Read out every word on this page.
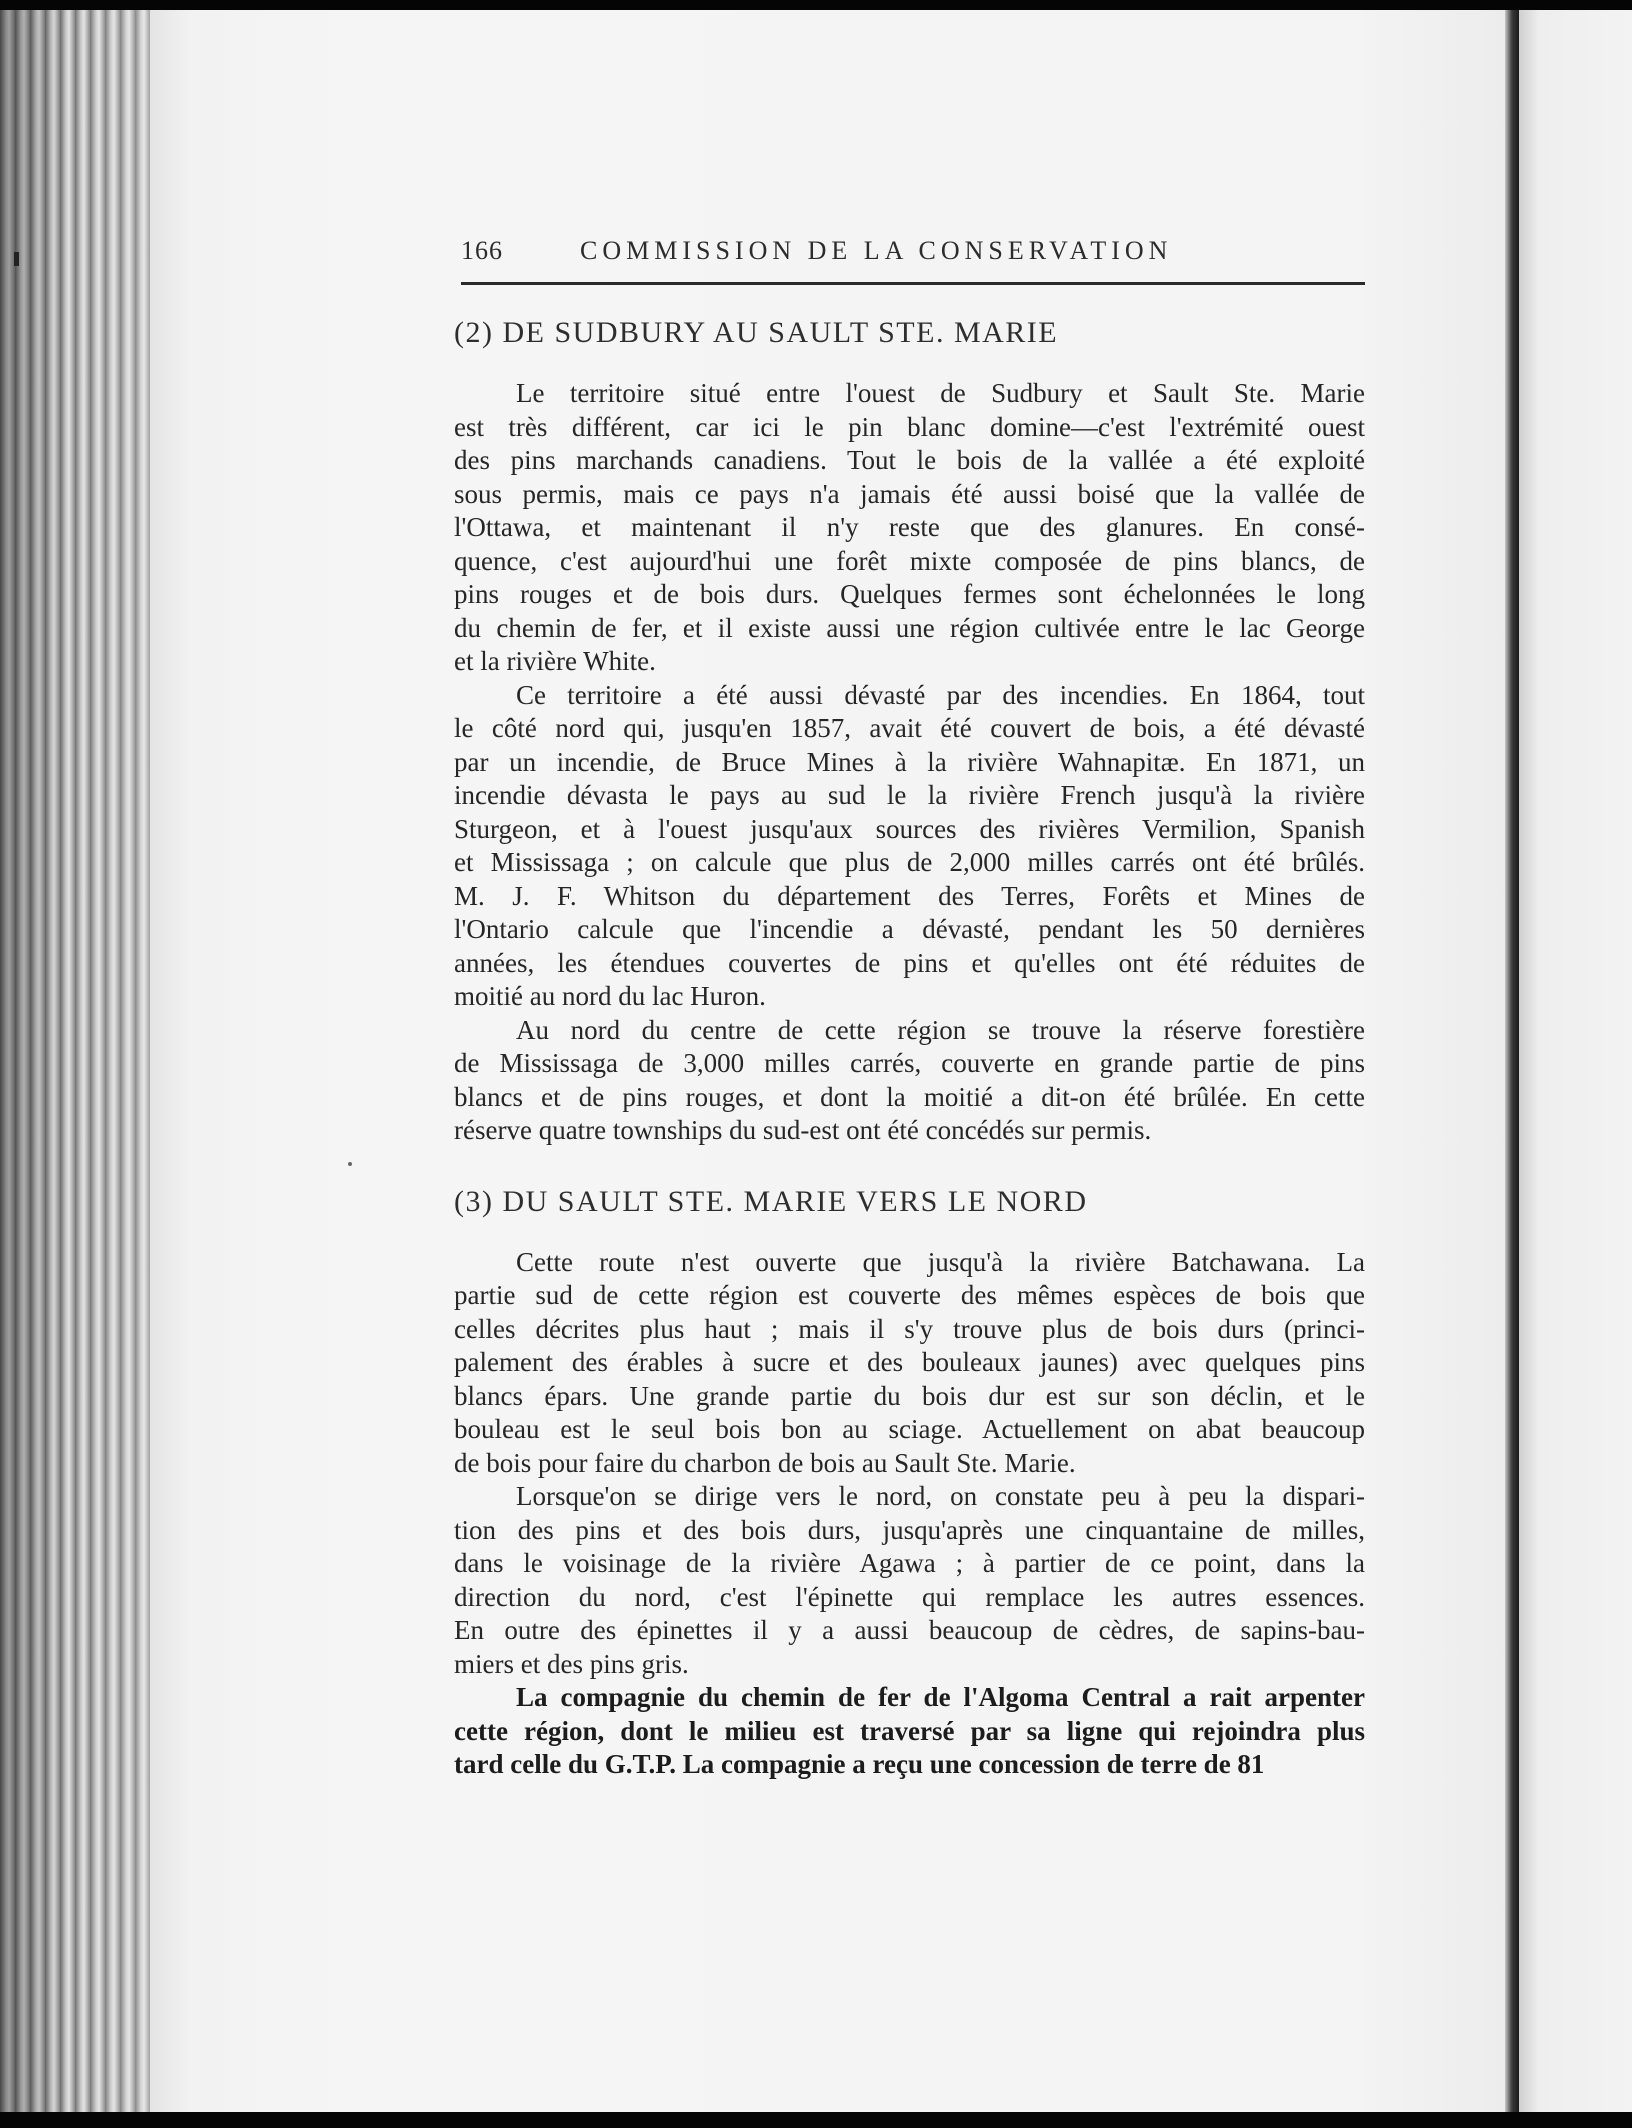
166	COMMISSION DE LA CONSERVATION
(2) DE SUDBURY AU SAULT STE. MARIE
Le territoire situé entre l'ouest de Sudbury et Sault Ste. Marie
est très différent, car ici le pin blanc domine—c'est l'extrémité ouest
des pins marchands canadiens. Tout le bois de la vallée a été exploité
sous permis, mais ce pays n'a jamais été aussi boisé que la vallée de
l'Ottawa, et maintenant il n'y reste que des glanures. En consé-
quence, c'est aujourd'hui une forêt mixte composée de pins blancs, de
pins rouges et de bois durs. Quelques fermes sont échelonnées le long
du chemin de fer, et il existe aussi une région cultivée entre le lac George
et la rivière White.
Ce territoire a été aussi dévasté par des incendies. En 1864, tout
le côté nord qui, jusqu'en 1857, avait été couvert de bois, a été dévasté
par un incendie, de Bruce Mines à la rivière Wahnapitæ. En 1871, un
incendie dévasta le pays au sud le la rivière French jusqu'à la rivière
Sturgeon, et à l'ouest jusqu'aux sources des rivières Vermilion, Spanish
et Mississaga ; on calcule que plus de 2,000 milles carrés ont été brûlés.
M. J. F. Whitson du département des Terres, Forêts et Mines de
l'Ontario calcule que l'incendie a dévasté, pendant les 50 dernières
années, les étendues couvertes de pins et qu'elles ont été réduites de
moitié au nord du lac Huron.
Au nord du centre de cette région se trouve la réserve forestière
de Mississaga de 3,000 milles carrés, couverte en grande partie de pins
blancs et de pins rouges, et dont la moitié a dit-on été brûlée. En cette
réserve quatre townships du sud-est ont été concédés sur permis.
(3) DU SAULT STE. MARIE VERS LE NORD
Cette route n'est ouverte que jusqu'à la rivière Batchawana. La
partie sud de cette région est couverte des mêmes espèces de bois que
celles décrites plus haut ; mais il s'y trouve plus de bois durs (princi-
palement des érables à sucre et des bouleaux jaunes) avec quelques pins
blancs épars. Une grande partie du bois dur est sur son déclin, et le
bouleau est le seul bois bon au sciage. Actuellement on abat beaucoup
de bois pour faire du charbon de bois au Sault Ste. Marie.
Lorsque'on se dirige vers le nord, on constate peu à peu la dispari-
tion des pins et des bois durs, jusqu'après une cinquantaine de milles,
dans le voisinage de la rivière Agawa ; à partier de ce point, dans la
direction du nord, c'est l'épinette qui remplace les autres essences.
En outre des épinettes il y a aussi beaucoup de cèdres, de sapins-bau-
miers et des pins gris.
La compagnie du chemin de fer de l'Algoma Central a rait arpenter
cette région, dont le milieu est traversé par sa ligne qui rejoindra plus
tard celle du G.T.P. La compagnie a reçu une concession de terre de 81
